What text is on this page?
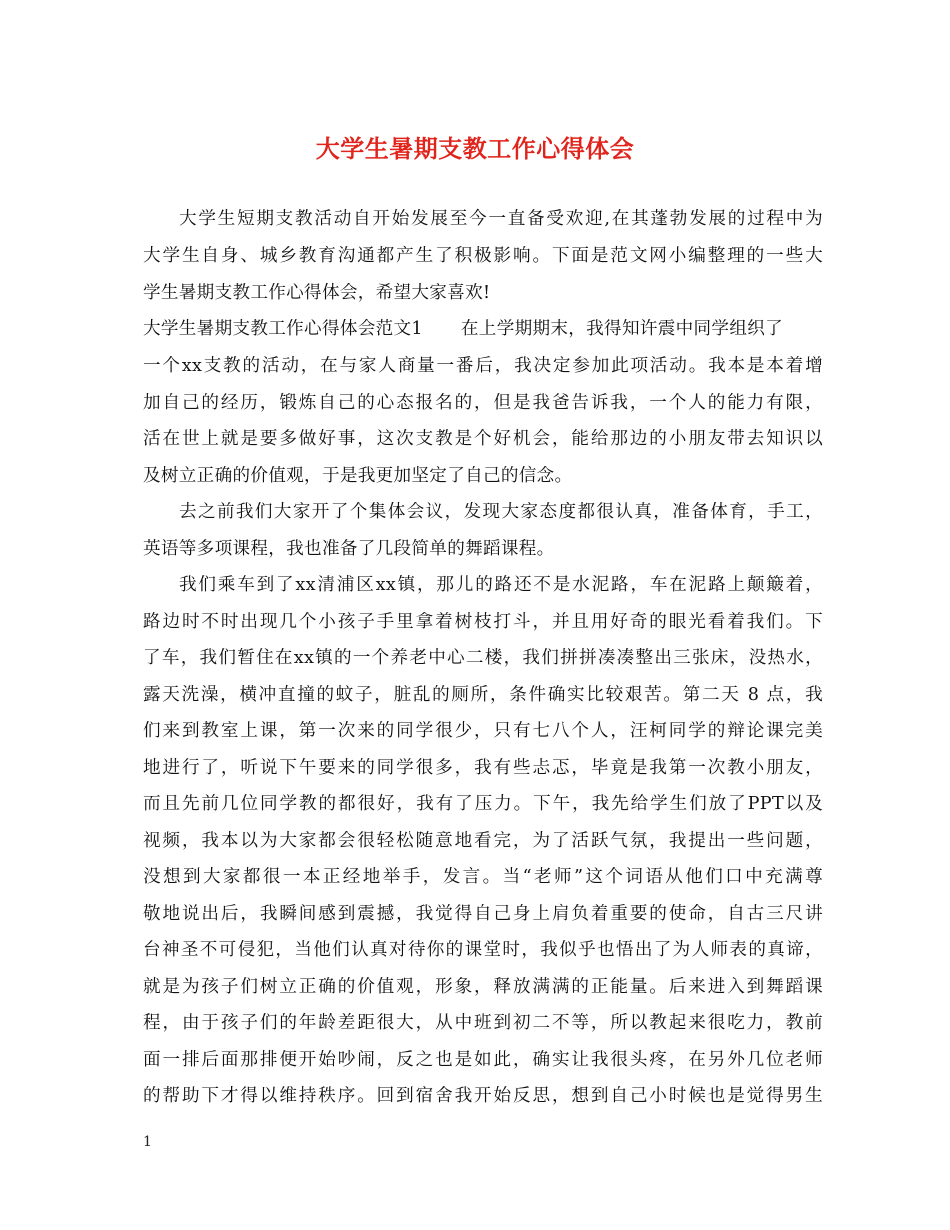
大学生暑期支教工作心得体会
大学生短期支教活动自开始发展至今一直备受欢迎,在其蓬勃发展的过程中为
大学生自身、城乡教育沟通都产生了积极影响。下面是范文网小编整理的一些大
学生暑期支教工作心得体会，希望大家喜欢!
大学生暑期支教工作心得体会范文1 在上学期期末，我得知许震中同学组织了
一个xx支教的活动，在与家人商量一番后，我决定参加此项活动。我本是本着增
加自己的经历，锻炼自己的心态报名的，但是我爸告诉我，一个人的能力有限，
活在世上就是要多做好事，这次支教是个好机会，能给那边的小朋友带去知识以
及树立正确的价值观，于是我更加坚定了自己的信念。
去之前我们大家开了个集体会议，发现大家态度都很认真，准备体育，手工，
英语等多项课程，我也准备了几段简单的舞蹈课程。
我们乘车到了xx清浦区xx镇，那儿的路还不是水泥路，车在泥路上颠簸着，
路边时不时出现几个小孩子手里拿着树枝打斗，并且用好奇的眼光看着我们。下
了车，我们暂住在xx镇的一个养老中心二楼，我们拼拼凑凑整出三张床，没热水，
露天洗澡，横冲直撞的蚊子，脏乱的厕所，条件确实比较艰苦。第二天 8 点，我
们来到教室上课，第一次来的同学很少，只有七八个人，汪柯同学的辩论课完美
地进行了，听说下午要来的同学很多，我有些忐忑，毕竟是我第一次教小朋友，
而且先前几位同学教的都很好，我有了压力。下午，我先给学生们放了PPT以及
视频，我本以为大家都会很轻松随意地看完，为了活跃气氛，我提出一些问题，
没想到大家都很一本正经地举手，发言。当“老师”这个词语从他们口中充满尊
敬地说出后，我瞬间感到震撼，我觉得自己身上肩负着重要的使命，自古三尺讲
台神圣不可侵犯，当他们认真对待你的课堂时，我似乎也悟出了为人师表的真谛，
就是为孩子们树立正确的价值观，形象，释放满满的正能量。后来进入到舞蹈课
程，由于孩子们的年龄差距很大，从中班到初二不等，所以教起来很吃力，教前
面一排后面那排便开始吵闹，反之也是如此，确实让我很头疼，在另外几位老师
的帮助下才得以维持秩序。回到宿舍我开始反思，想到自己小时候也是觉得男生
1
